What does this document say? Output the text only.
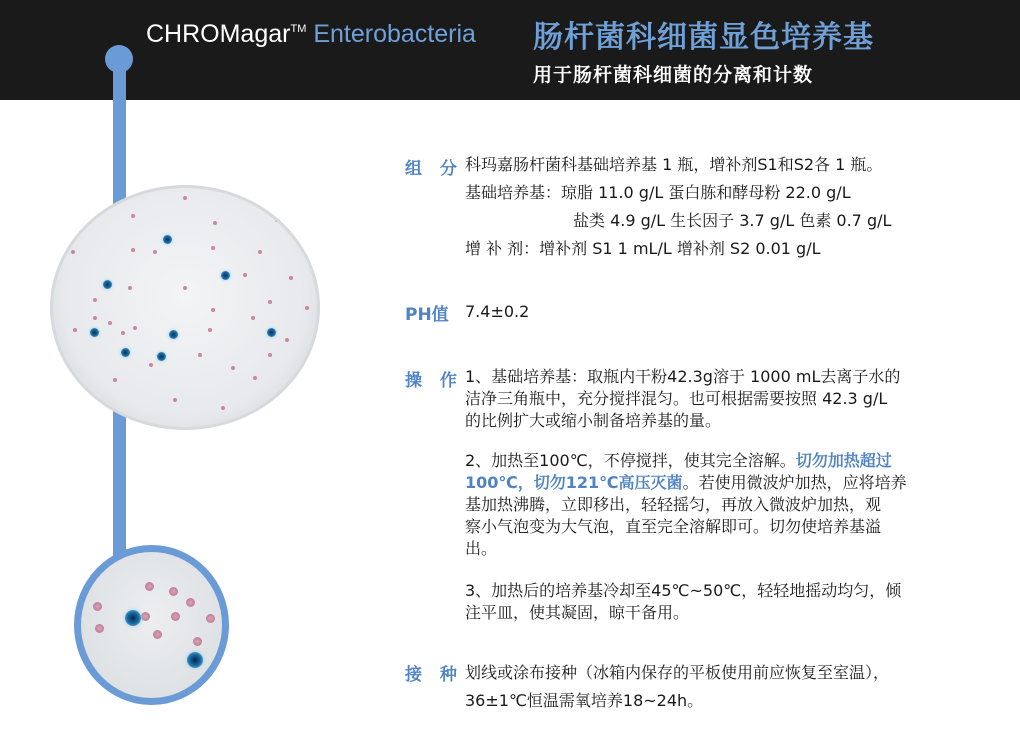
CHROMagar™ Enterobacteria 肠杆菌科细菌显色培养基
用于肠杆菌科细菌的分离和计数
组 分 科玛嘉肠杆菌科基础培养基 1 瓶，增补剂S1和S2各 1 瓶。
基础培养基：琼脂 11.0 g/L 蛋白胨和酵母粉 22.0 g/L
盐类 4.9 g/L 生长因子 3.7 g/L 色素 0.7 g/L
增 补 剂：增补剂 S1 1 mL/L 增补剂 S2 0.01 g/L
PH值 7.4±0.2
操 作 1、基础培养基：取瓶内干粉42.3g溶于 1000 mL去离子水的
洁净三角瓶中，充分搅拌混匀。也可根据需要按照 42.3 g/L
的比例扩大或缩小制备培养基的量。
2、加热至100℃，不停搅拌，使其完全溶解。切勿加热超过
100℃，切勿121℃高压灭菌。若使用微波炉加热，应将培养
基加热沸腾，立即移出，轻轻摇匀，再放入微波炉加热，观
察小气泡变为大气泡，直至完全溶解即可。切勿使培养基溢
出。
3、加热后的培养基冷却至45℃~50℃，轻轻地摇动均匀，倾
注平皿，使其凝固，晾干备用。
接 种 划线或涂布接种（冰箱内保存的平板使用前应恢复至室温），
36±1℃恒温需氧培养18~24h。
